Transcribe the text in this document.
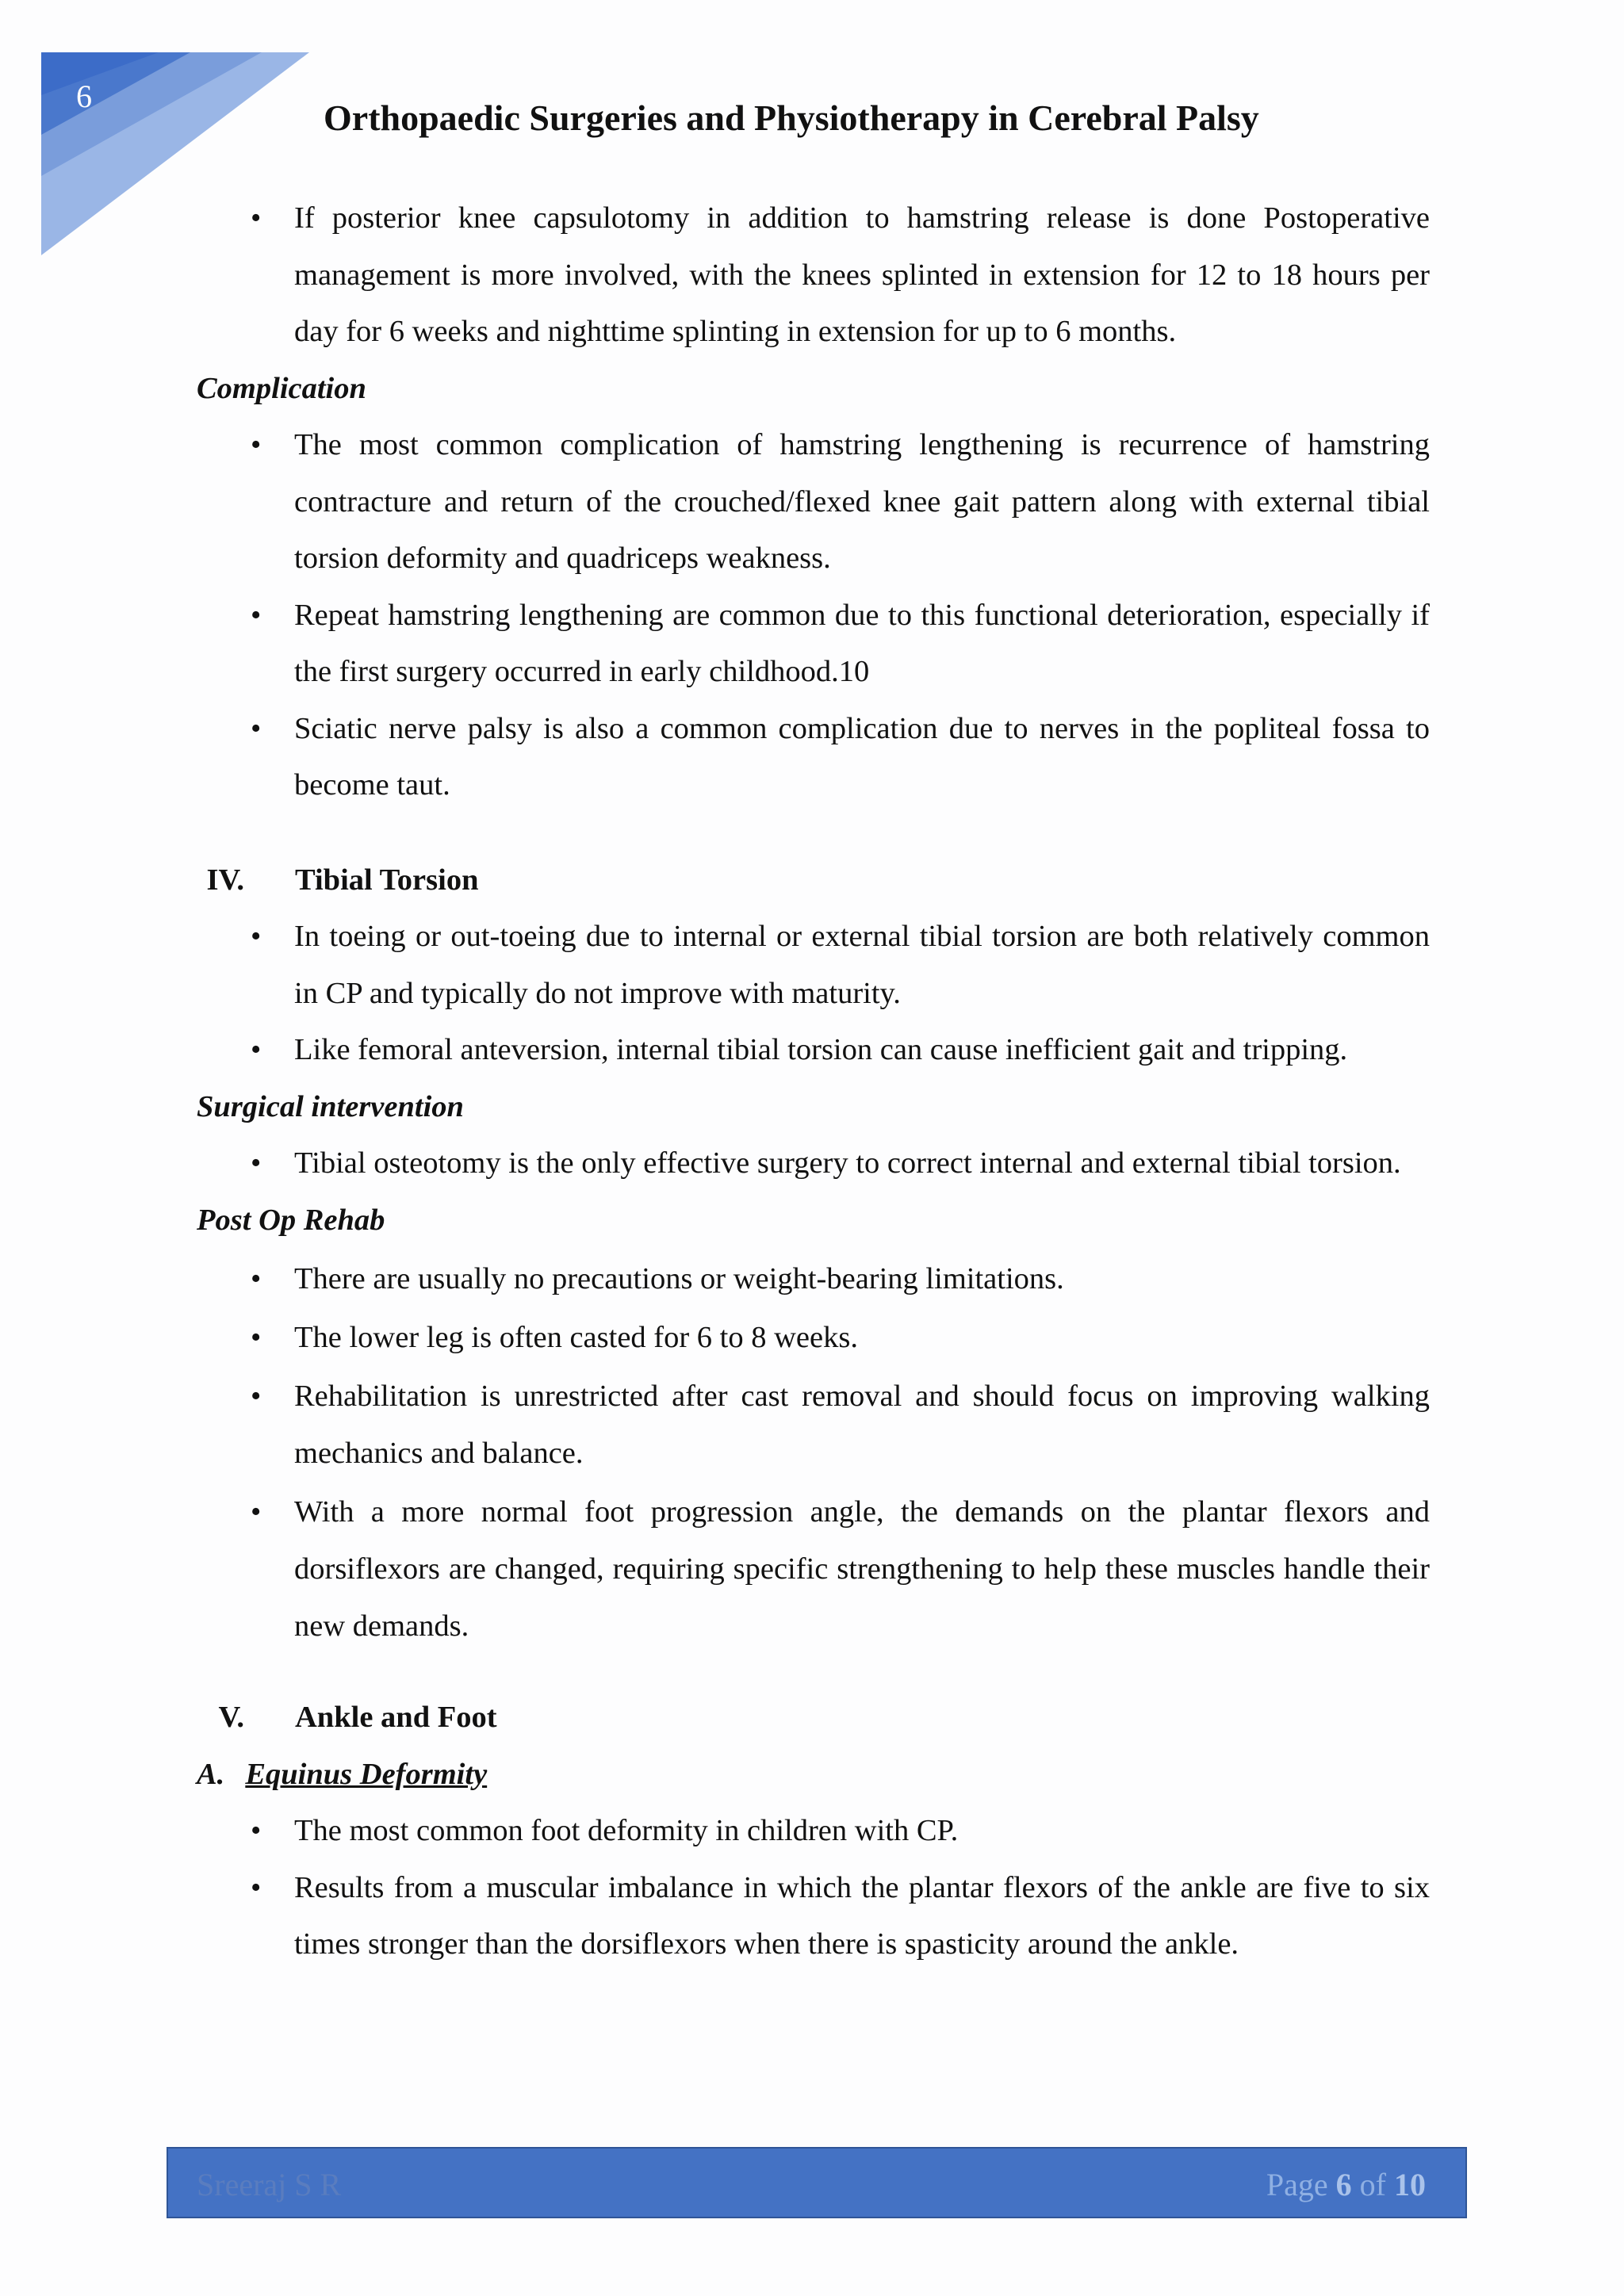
6
Orthopaedic Surgeries and Physiotherapy in Cerebral Palsy
• If posterior knee capsulotomy in addition to hamstring release is done Postoperative management is more involved, with the knees splinted in extension for 12 to 18 hours per day for 6 weeks and nighttime splinting in extension for up to 6 months.
Complication
• The most common complication of hamstring lengthening is recurrence of hamstring contracture and return of the crouched/flexed knee gait pattern along with external tibial torsion deformity and quadriceps weakness.
• Repeat hamstring lengthening are common due to this functional deterioration, especially if the first surgery occurred in early childhood.10
• Sciatic nerve palsy is also a common complication due to nerves in the popliteal fossa to become taut.
IV. Tibial Torsion
• In toeing or out-toeing due to internal or external tibial torsion are both relatively common in CP and typically do not improve with maturity.
• Like femoral anteversion, internal tibial torsion can cause inefficient gait and tripping.
Surgical intervention
• Tibial osteotomy is the only effective surgery to correct internal and external tibial torsion.
Post Op Rehab
• There are usually no precautions or weight-bearing limitations.
• The lower leg is often casted for 6 to 8 weeks.
• Rehabilitation is unrestricted after cast removal and should focus on improving walking mechanics and balance.
• With a more normal foot progression angle, the demands on the plantar flexors and dorsiflexors are changed, requiring specific strengthening to help these muscles handle their new demands.
V. Ankle and Foot
A. Equinus Deformity
• The most common foot deformity in children with CP.
• Results from a muscular imbalance in which the plantar flexors of the ankle are five to six times stronger than the dorsiflexors when there is spasticity around the ankle.
Sreeraj S R	Page 6 of 10
